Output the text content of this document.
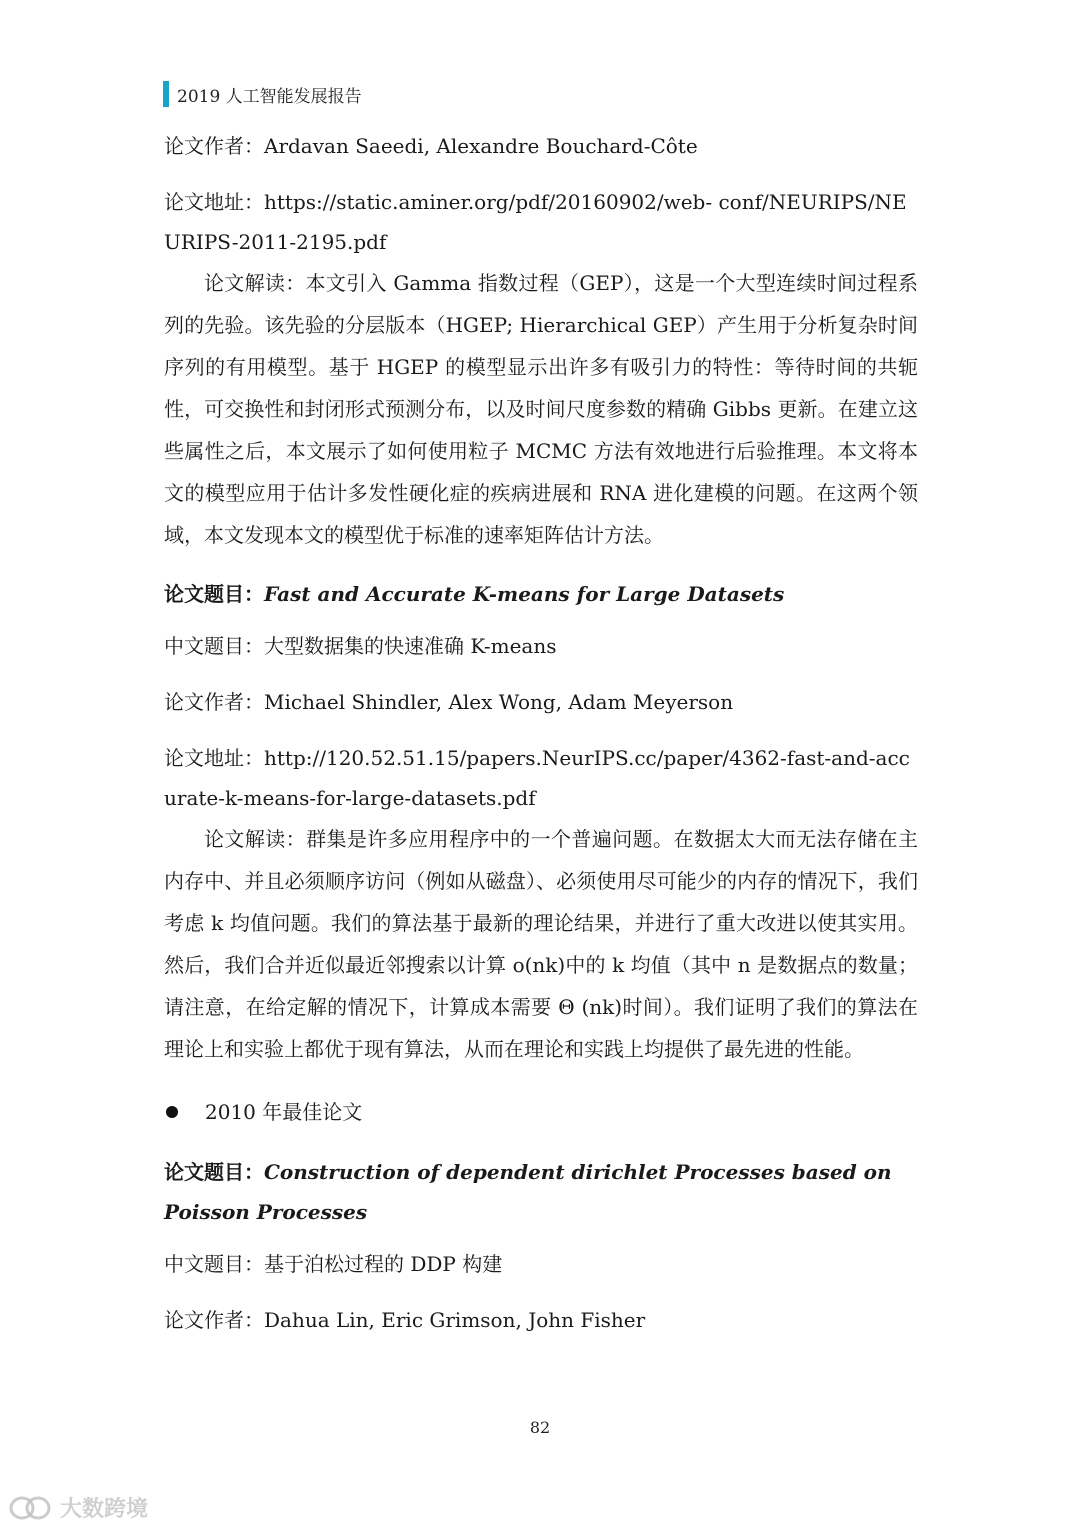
2019 人工智能发展报告

论文作者：Ardavan Saeedi, Alexandre Bouchard-Côte

论文地址：https://static.aminer.org/pdf/20160902/web- conf/NEURIPS/NEURIPS-2011-2195.pdf

论文解读：本文引入 Gamma 指数过程（GEP），这是一个大型连续时间过程系列的先验。该先验的分层版本（HGEP; Hierarchical GEP）产生用于分析复杂时间序列的有用模型。基于 HGEP 的模型显示出许多有吸引力的特性：等待时间的共轭性，可交换性和封闭形式预测分布，以及时间尺度参数的精确 Gibbs 更新。在建立这些属性之后，本文展示了如何使用粒子 MCMC 方法有效地进行后验推理。本文将本文的模型应用于估计多发性硬化症的疾病进展和 RNA 进化建模的问题。在这两个领域，本文发现本文的模型优于标准的速率矩阵估计方法。

论文题目：Fast and Accurate K-means for Large Datasets

中文题目：大型数据集的快速准确 K-means

论文作者：Michael Shindler, Alex Wong, Adam Meyerson

论文地址：http://120.52.51.15/papers.NeurIPS.cc/paper/4362-fast-and-accurate-k-means-for-large-datasets.pdf

论文解读：群集是许多应用程序中的一个普遍问题。在数据太大而无法存储在主内存中、并且必须顺序访问（例如从磁盘）、必须使用尽可能少的内存的情况下，我们考虑 k 均值问题。我们的算法基于最新的理论结果，并进行了重大改进以使其实用。然后，我们合并近似最近邻搜索以计算 o(nk)中的 k 均值（其中 n 是数据点的数量；请注意，在给定解的情况下，计算成本需要 Θ (nk)时间）。我们证明了我们的算法在理论上和实验上都优于现有算法，从而在理论和实践上均提供了最先进的性能。

2010 年最佳论文

论文题目：Construction of dependent dirichlet Processes based on Poisson Processes

中文题目：基于泊松过程的 DDP 构建

论文作者：Dahua Lin, Eric Grimson, John Fisher

82
大数跨境
